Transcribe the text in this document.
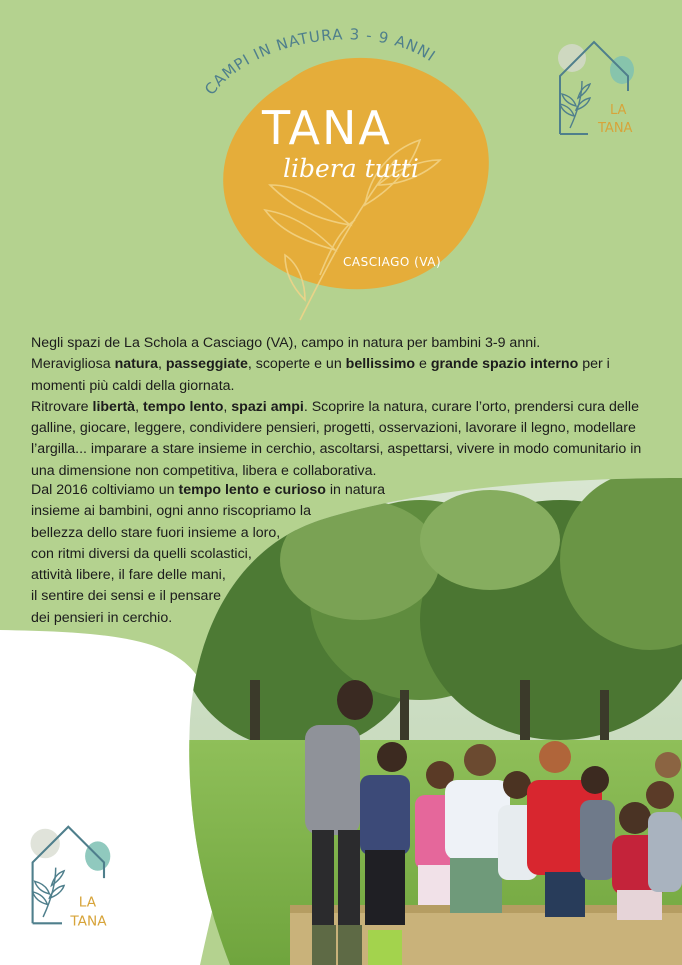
CAMPI IN NATURA 3 - 9 ANNI
TANA
libera tutti
CASCIAGO (VA)
LA
TANA
LA
TANA

Negli spazi de La Schola a Casciago (VA), campo in natura per bambini 3-9 anni.

Meravigliosa natura, passeggiate, scoperte e un bellissimo e grande spazio interno per i momenti più caldi della giornata.

Ritrovare libertà, tempo lento, spazi ampi. Scoprire la natura, curare l’orto, prendersi cura delle galline, giocare, leggere, condividere pensieri, progetti, osservazioni, lavorare il legno, modellare l’argilla... imparare a stare insieme in cerchio, ascoltarsi, aspettarsi, vivere in modo comunitario in una dimensione non competitiva, libera e collaborativa.

Dal 2016 coltiviamo un tempo lento e curioso in natura
insieme ai bambini, ogni anno riscopriamo la
bellezza dello stare fuori insieme a loro,
con ritmi diversi da quelli scolastici,
attività libere, il fare delle mani,
il sentire dei sensi e il pensare
dei pensieri in cerchio.
